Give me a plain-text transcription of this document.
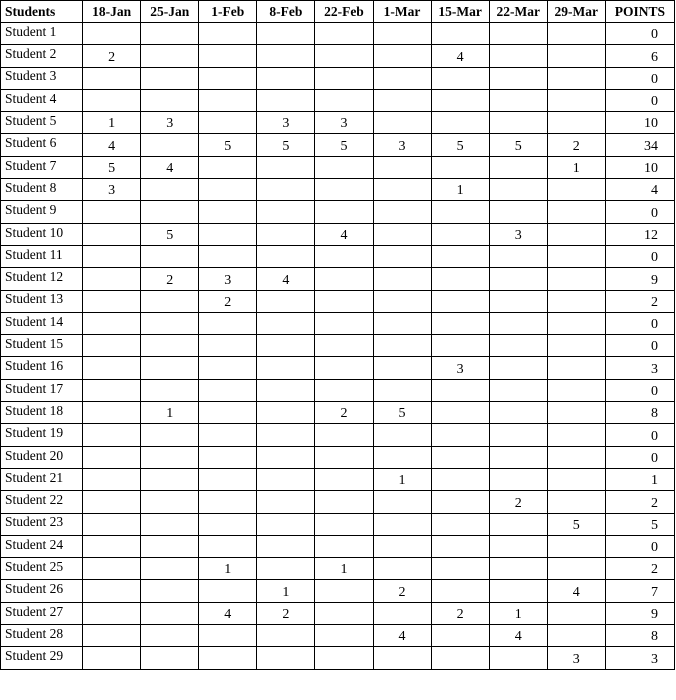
Students	18-Jan	25-Jan	1-Feb	8-Feb	22-Feb	1-Mar	15-Mar	22-Mar	29-Mar	POINTS
Student 1										0
Student 2	2						4			6
Student 3										0
Student 4										0
Student 5	1	3		3	3					10
Student 6	4		5	5	5	3	5	5	2	34
Student 7	5	4							1	10
Student 8	3						1			4
Student 9										0
Student 10		5			4			3		12
Student 11										0
Student 12		2	3	4						9
Student 13			2							2
Student 14										0
Student 15										0
Student 16							3			3
Student 17										0
Student 18		1			2	5				8
Student 19										0
Student 20										0
Student 21						1				1
Student 22								2		2
Student 23									5	5
Student 24										0
Student 25			1		1					2
Student 26				1		2			4	7
Student 27			4	2			2	1		9
Student 28						4		4		8
Student 29									3	3
